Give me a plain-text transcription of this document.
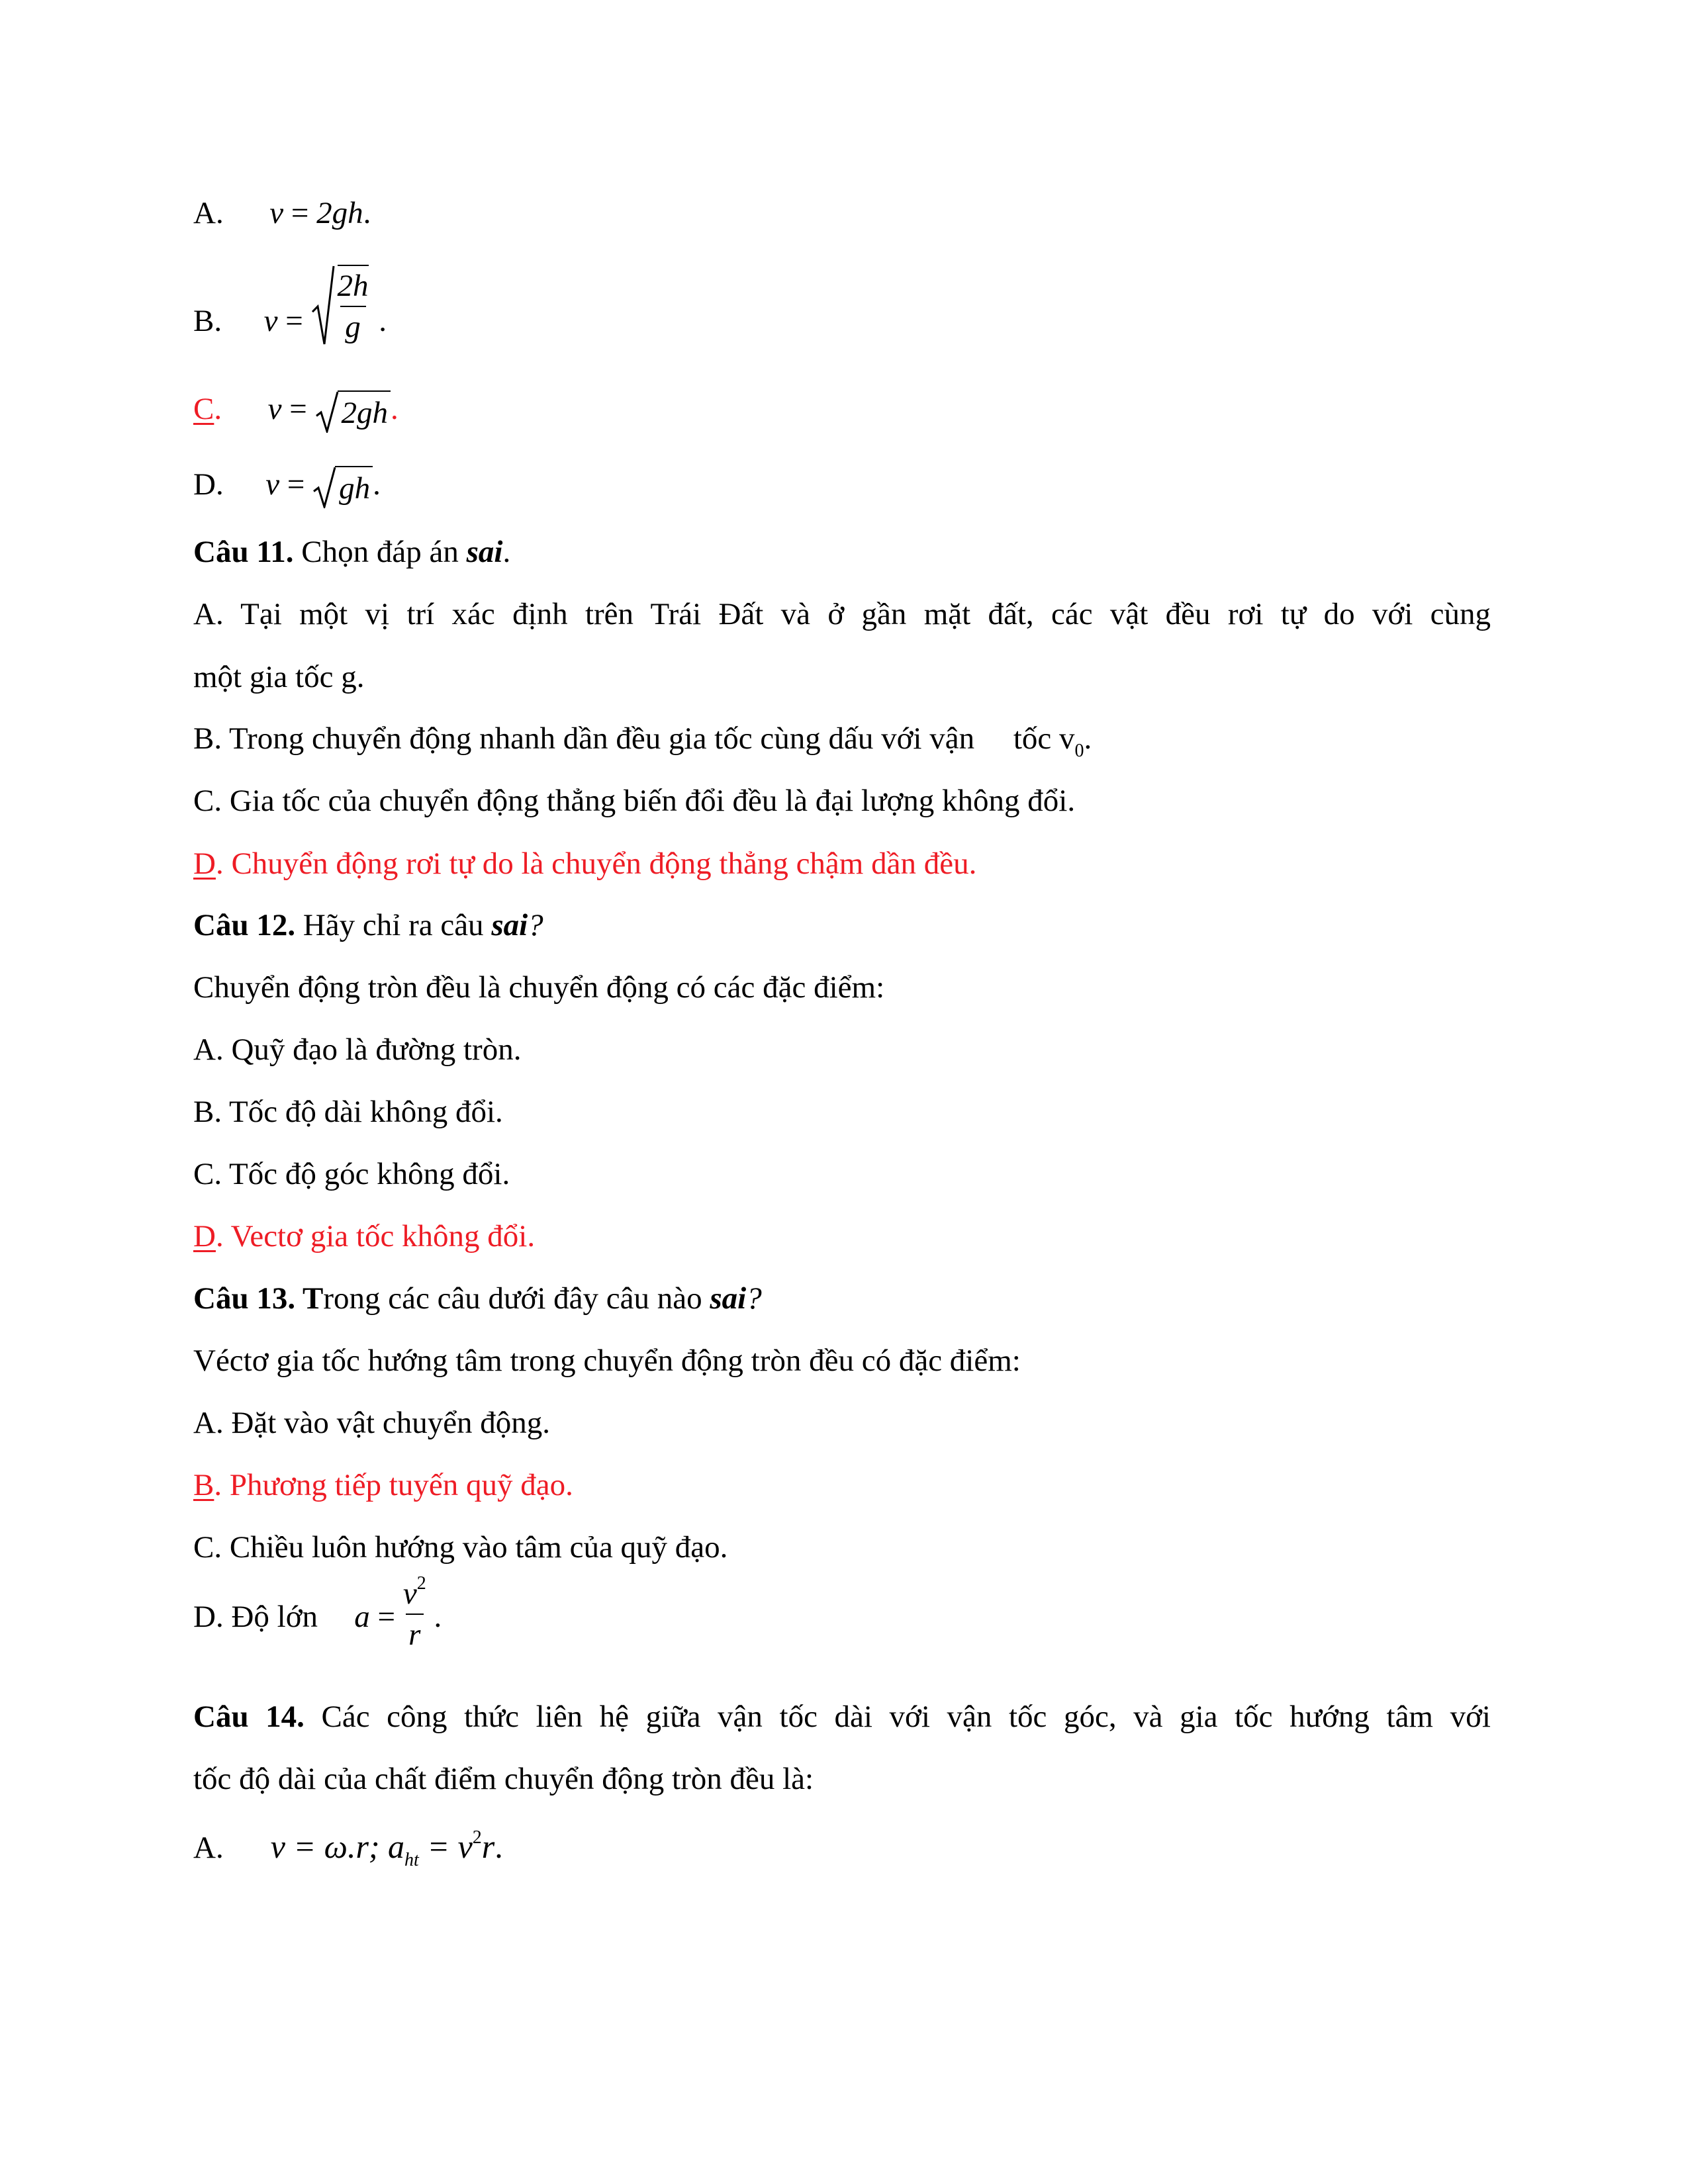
A. v = 2gh.
B. $v = \frac{2h}{g}$ .
C. v = 2gh.
D. v = gh.
Câu 11. Chọn đáp án sai.
A. Tại một vị trí xác định trên Trái Đất và ở gần mặt đất, các vật đều rơi tự do với cùng
một gia tốc g.
B. Trong chuyển động nhanh dần đều gia tốc cùng dấu với vận     tốc $v_0$.
C. Gia tốc của chuyển động thẳng biến đổi đều là đại lượng không đổi.
D. Chuyển động rơi tự do là chuyển động thẳng chậm dần đều.
Câu 12. Hãy chỉ ra câu sai?
Chuyển động tròn đều là chuyển động có các đặc điểm:
A. Quỹ đạo là đường tròn.
B. Tốc độ dài không đổi.
C. Tốc độ góc không đổi.
D. Vectơ gia tốc không đổi.
Câu 13. Trong các câu dưới đây câu nào sai?
Véctơ gia tốc hướng tâm trong chuyển động tròn đều có đặc điểm:
A. Đặt vào vật chuyển động.
B. Phương tiếp tuyến quỹ đạo.
C. Chiều luôn hướng vào tâm của quỹ đạo.
D. Độ lớn   $a = \frac{v^2}{r}$ .
Câu 14. Các công thức liên hệ giữa vận tốc dài với vận tốc góc, và gia tốc hướng tâm với
tốc độ dài của chất điểm chuyển động tròn đều là:
A. v = ω.r; $a_{ht} = v^2r$.
